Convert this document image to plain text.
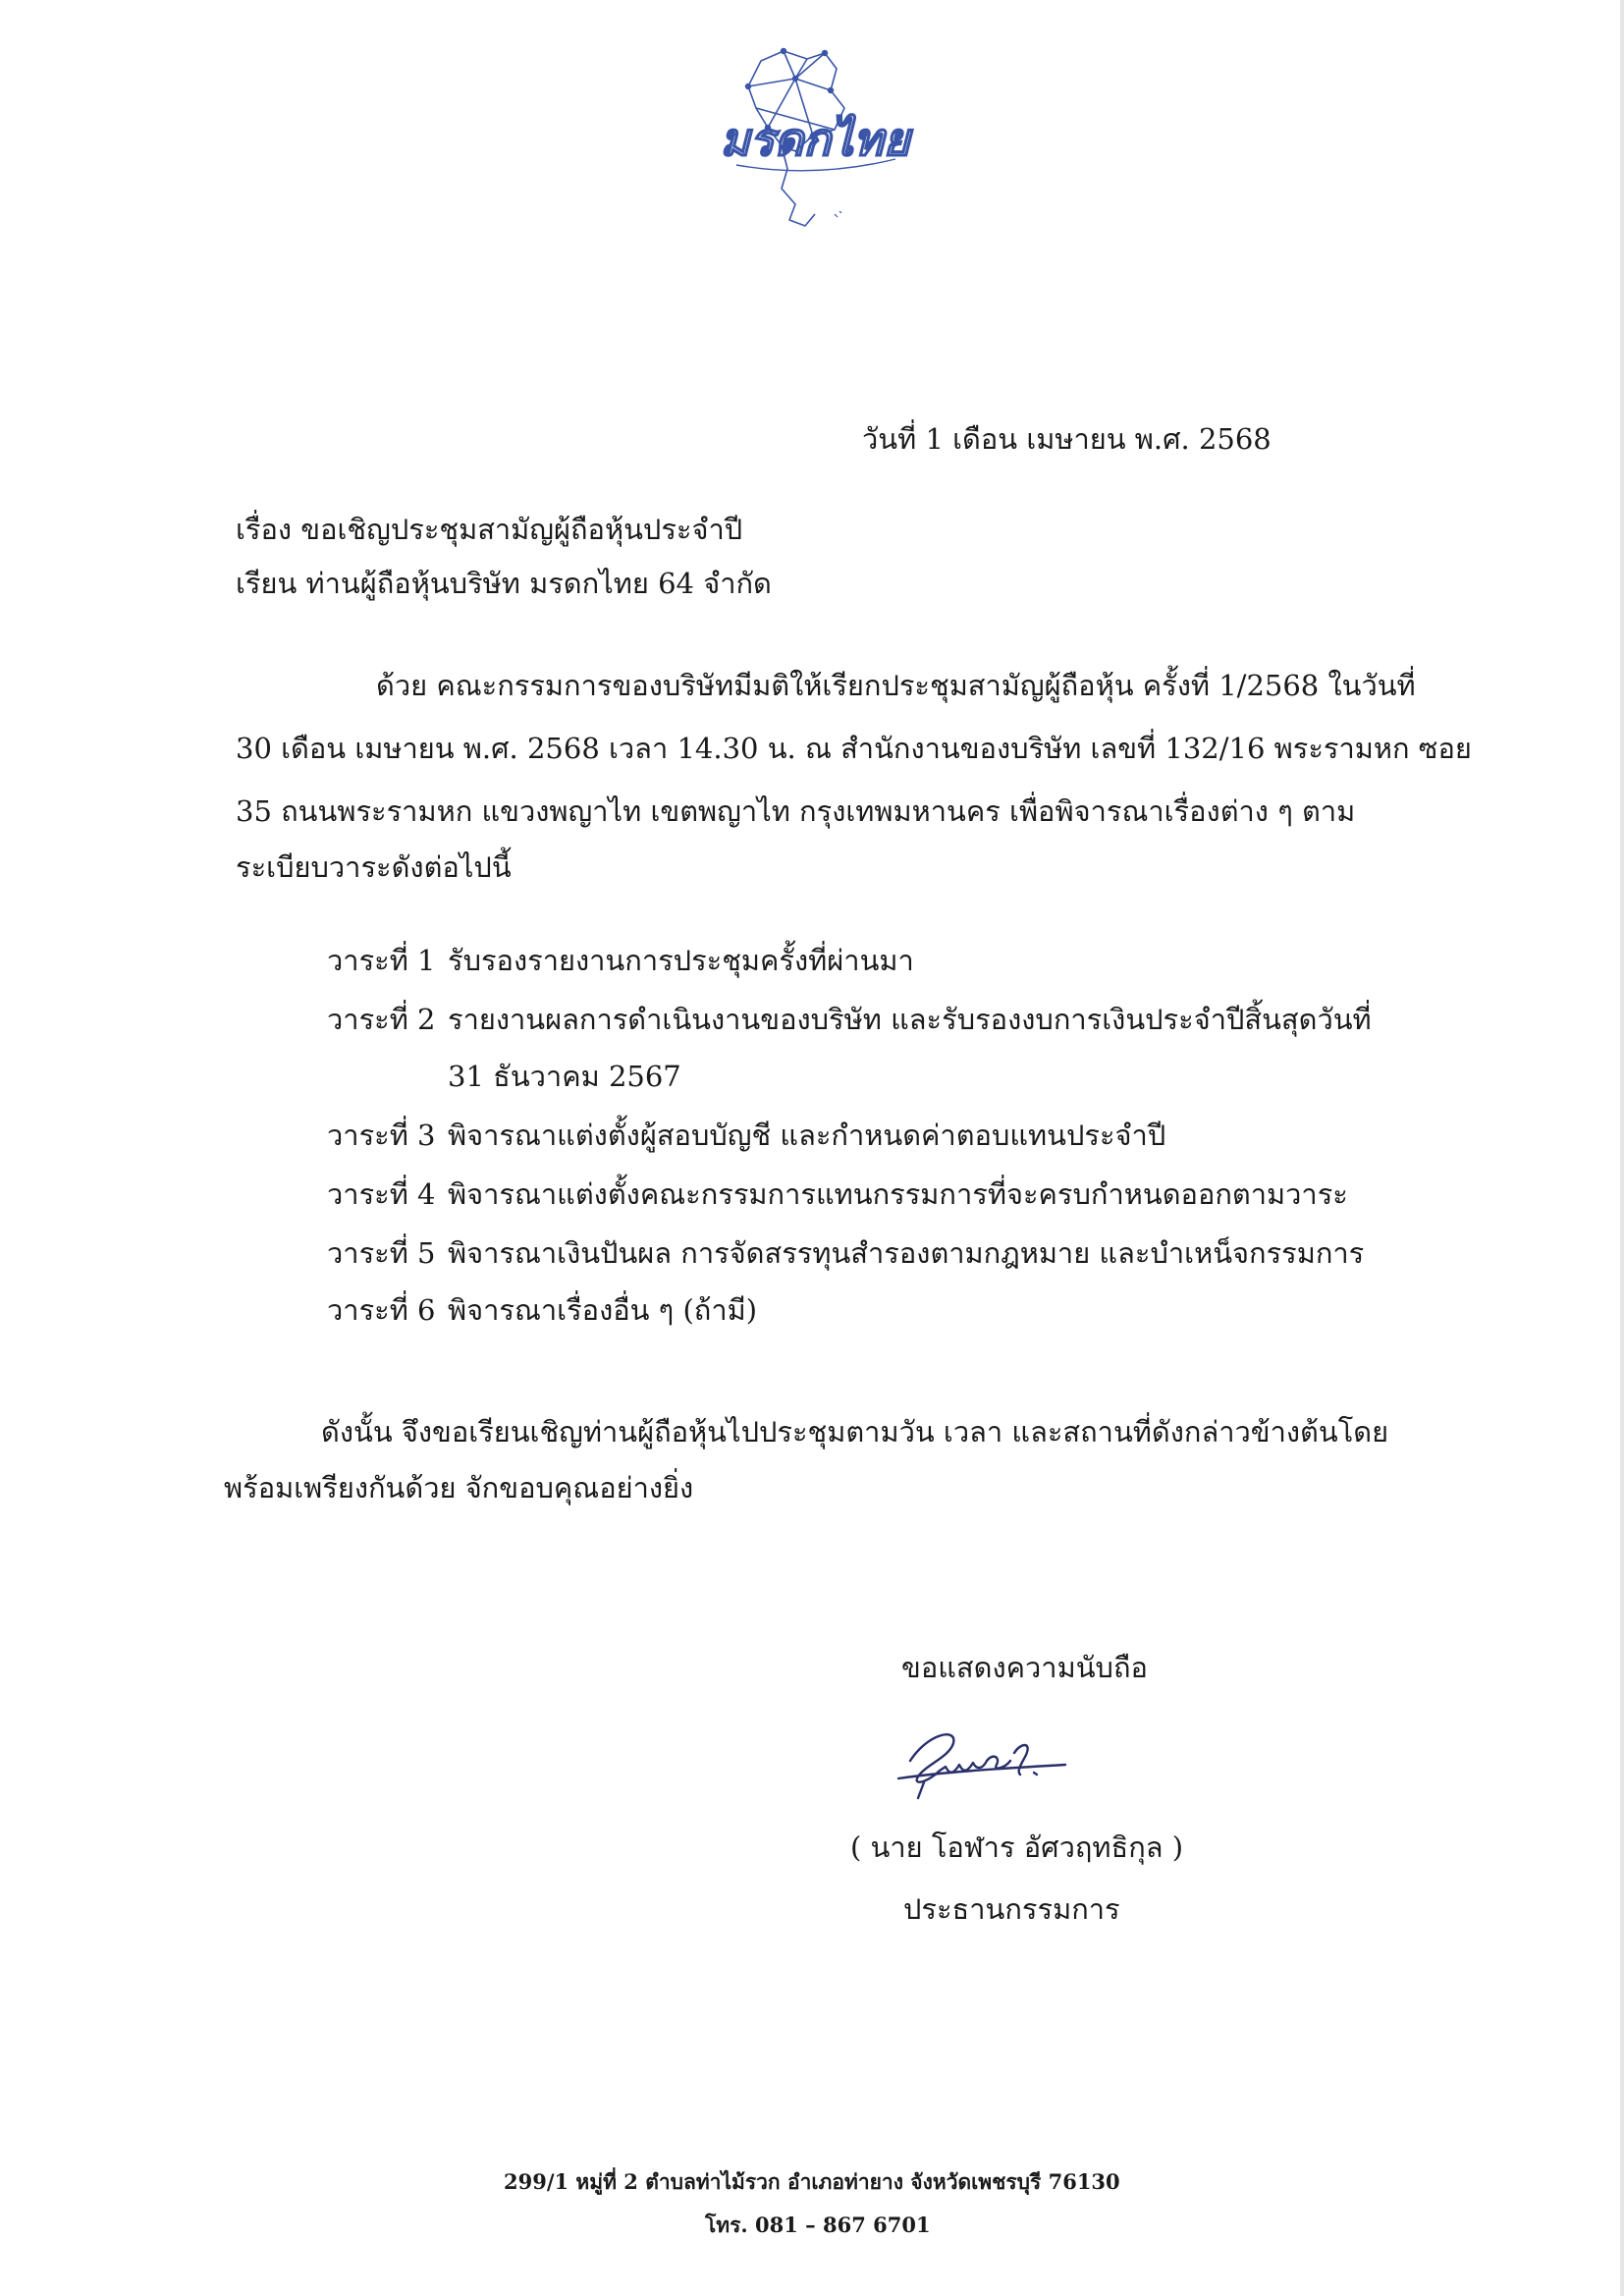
มรดกไทย
วันที่ 1 เดือน เมษายน พ.ศ. 2568
เรื่อง ขอเชิญประชุมสามัญผู้ถือหุ้นประจำปี
เรียน ท่านผู้ถือหุ้นบริษัท มรดกไทย 64 จำกัด
ด้วย คณะกรรมการของบริษัทมีมติให้เรียกประชุมสามัญผู้ถือหุ้น ครั้งที่ 1/2568 ในวันที่
30 เดือน เมษายน พ.ศ. 2568 เวลา 14.30 น. ณ สำนักงานของบริษัท เลขที่ 132/16 พระรามหก ซอย
35 ถนนพระรามหก แขวงพญาไท เขตพญาไท กรุงเทพมหานคร เพื่อพิจารณาเรื่องต่าง ๆ ตาม
ระเบียบวาระดังต่อไปนี้
วาระที่ 1 รับรองรายงานการประชุมครั้งที่ผ่านมา
วาระที่ 2 รายงานผลการดำเนินงานของบริษัท และรับรองงบการเงินประจำปีสิ้นสุดวันที่
31 ธันวาคม 2567
วาระที่ 3 พิจารณาแต่งตั้งผู้สอบบัญชี และกำหนดค่าตอบแทนประจำปี
วาระที่ 4 พิจารณาแต่งตั้งคณะกรรมการแทนกรรมการที่จะครบกำหนดออกตามวาระ
วาระที่ 5 พิจารณาเงินปันผล การจัดสรรทุนสำรองตามกฎหมาย และบำเหน็จกรรมการ
วาระที่ 6 พิจารณาเรื่องอื่น ๆ (ถ้ามี)
ดังนั้น จึงขอเรียนเชิญท่านผู้ถือหุ้นไปประชุมตามวัน เวลา และสถานที่ดังกล่าวข้างต้นโดย
พร้อมเพรียงกันด้วย จักขอบคุณอย่างยิ่ง
ขอแสดงความนับถือ
( นาย โอฬาร อัศวฤทธิกุล )
ประธานกรรมการ
299/1 หมู่ที่ 2 ตำบลท่าไม้รวก อำเภอท่ายาง จังหวัดเพชรบุรี 76130
โทร. 081 – 867 6701
